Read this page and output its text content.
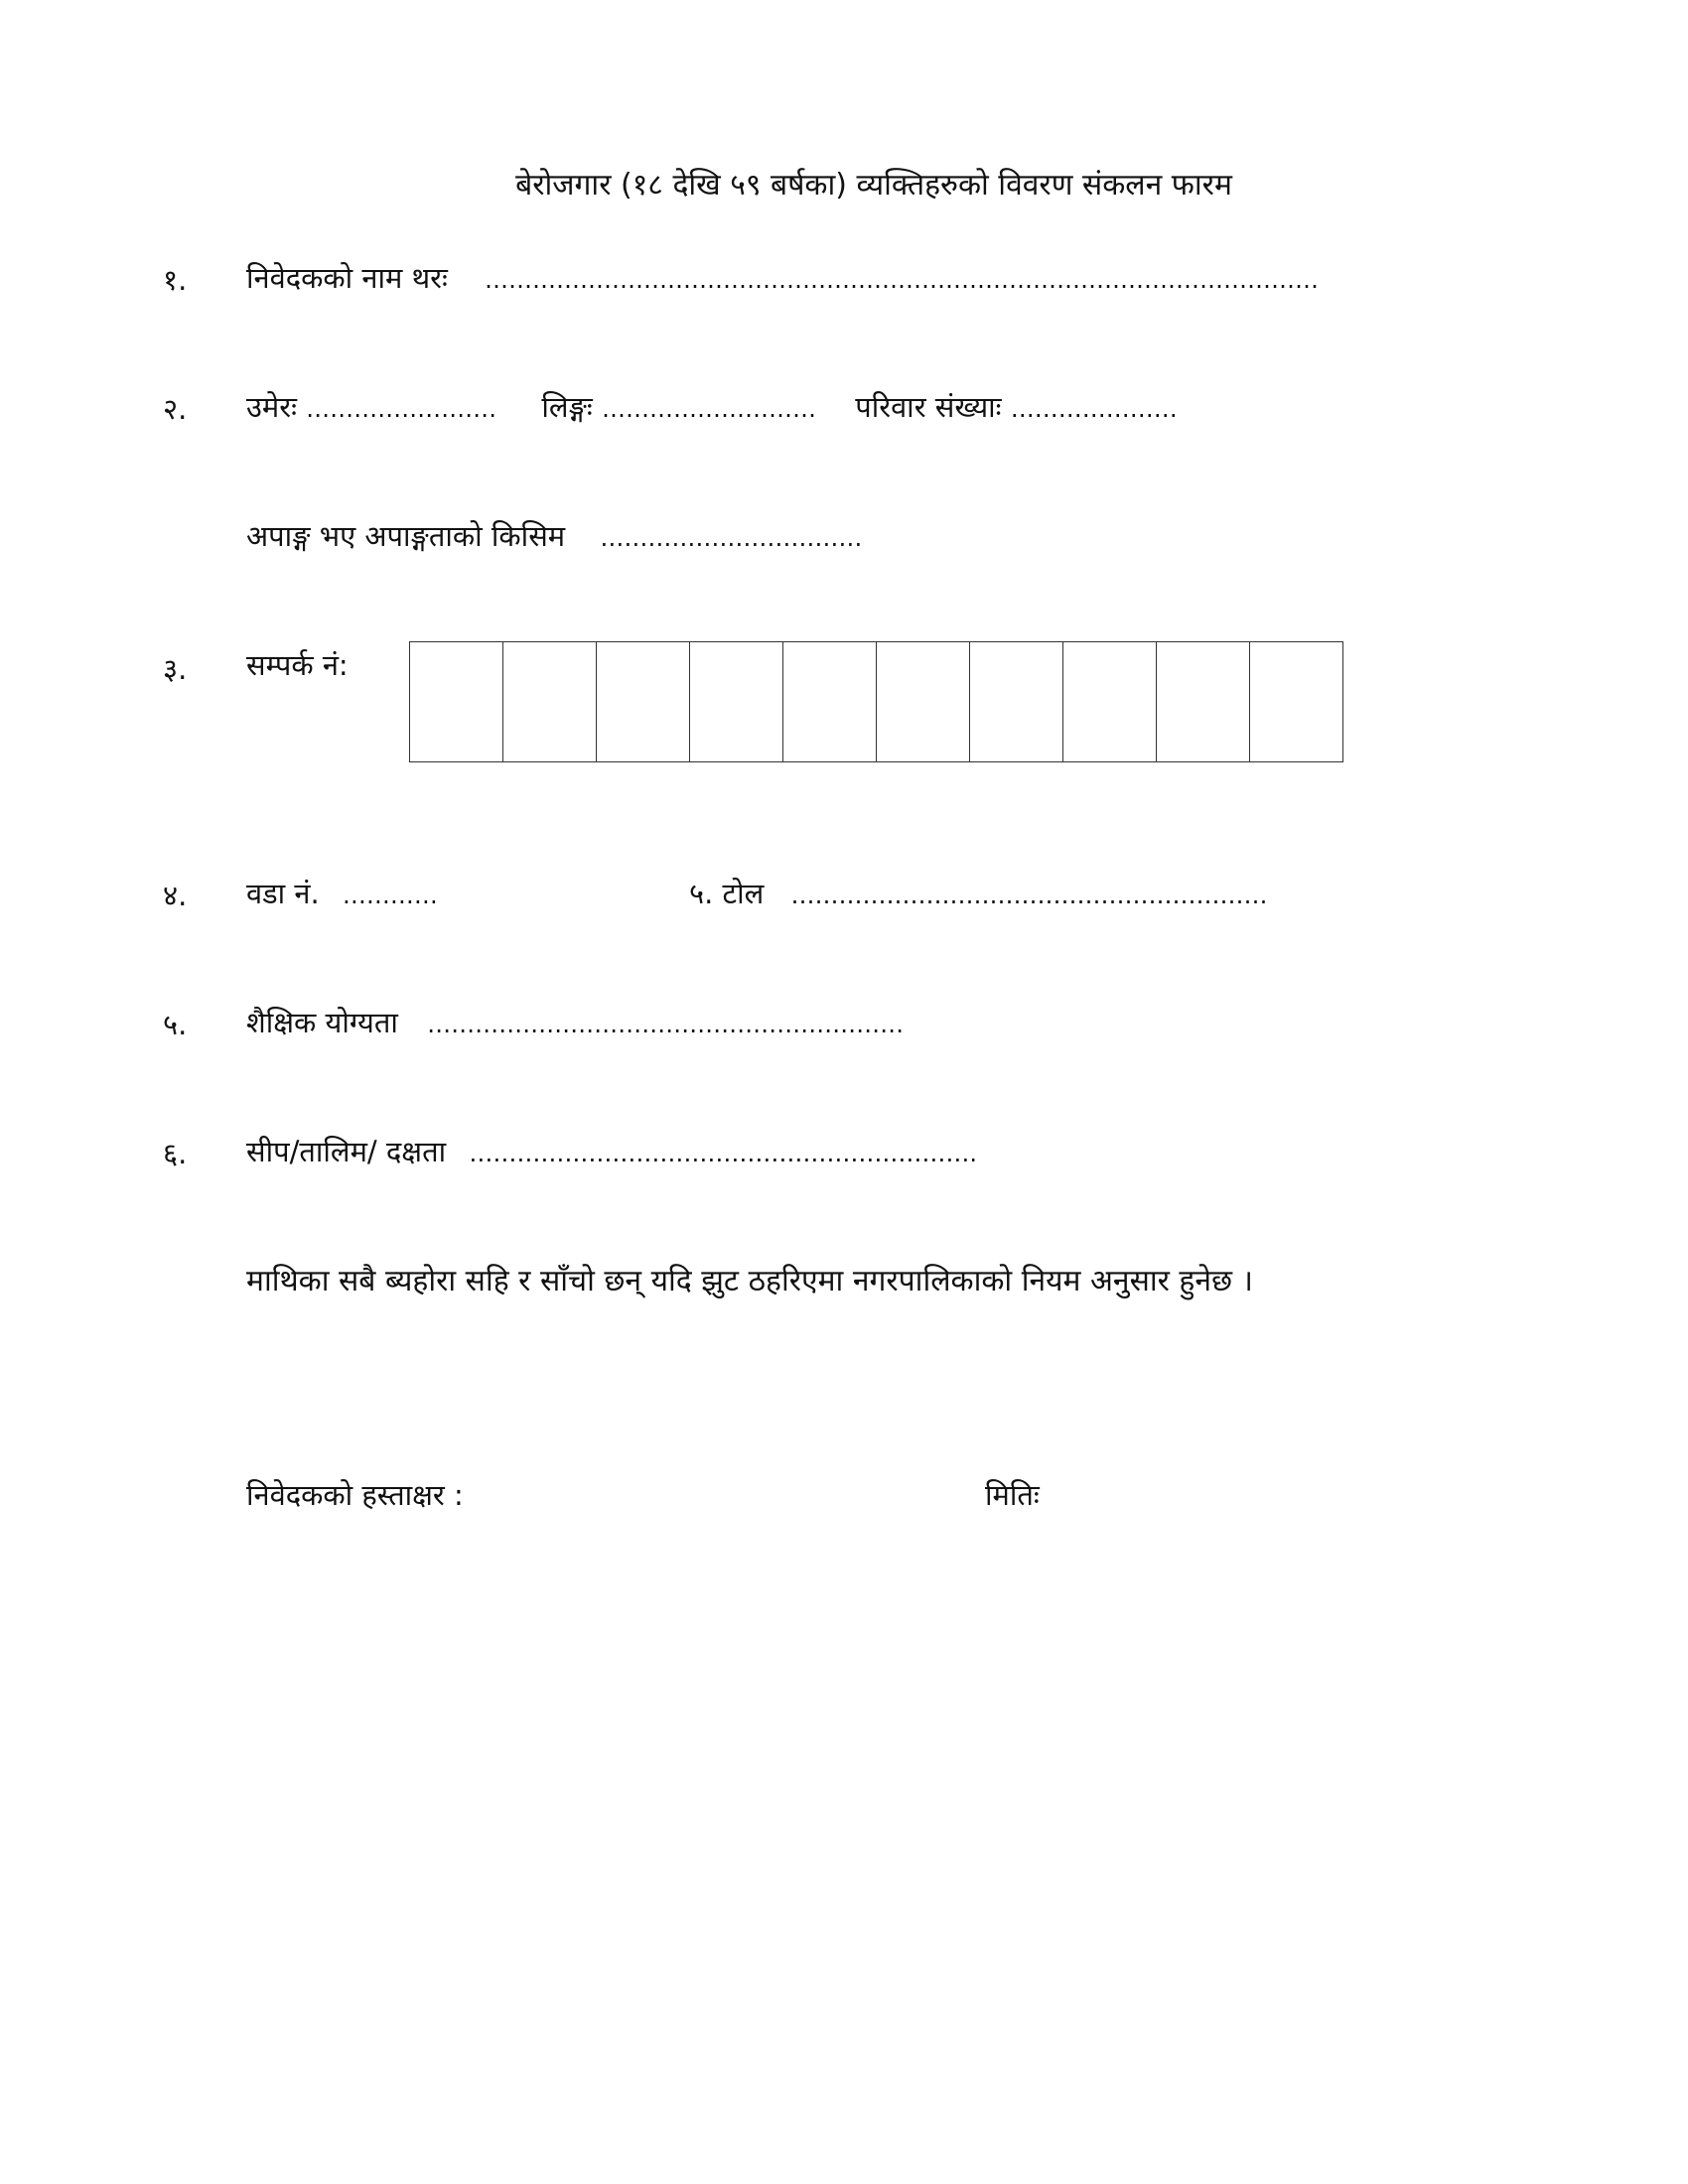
बेरोजगार (१८ देखि ५९ बर्षका) व्यक्तिहरुको विवरण संकलन फारम
१. निवेदकको नाम थरः ……………………………………………………………………………………………
२. उमेरः …………………… लिङ्गः ……………………… परिवार संख्याः …………………
अपाङ्ग भए अपाङ्गताको किसिम ……………………………
३. सम्पर्क नं:
४. वडा नं. …………	५. टोल ……………………………………………………
५. शैक्षिक योग्यता ……………………………………………………
६. सीप/तालिम/ दक्षता ……………………………………………………….
माथिका सबै ब्यहोरा सहि र साँचो छन् यदि झुट ठहरिएमा नगरपालिकाको नियम अनुसार हुनेछ ।
निवेदकको हस्ताक्षर :	मितिः
